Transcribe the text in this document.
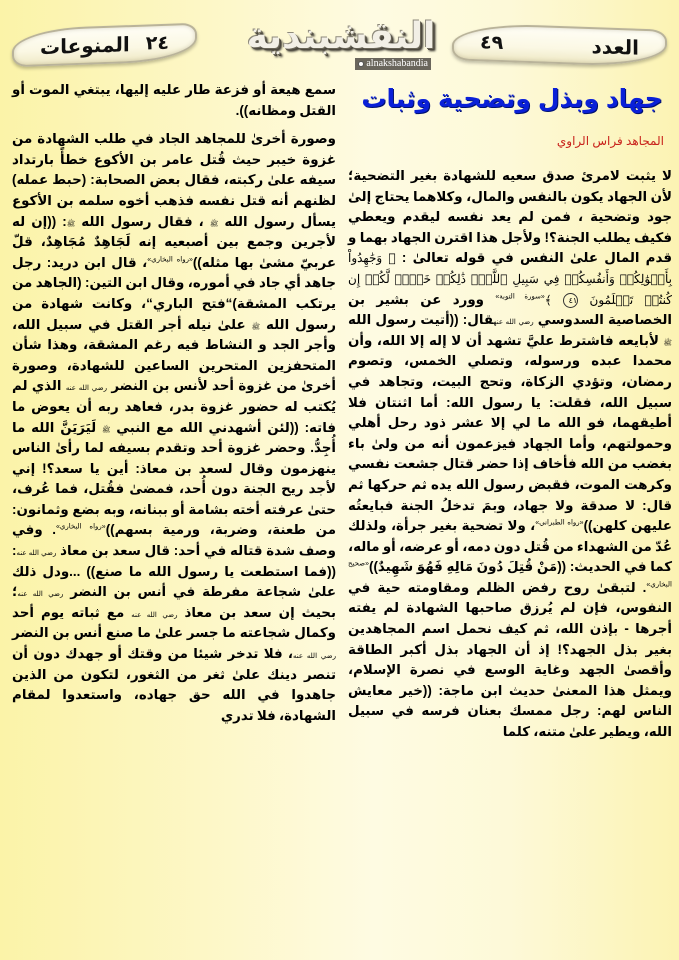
العدد
٤٩
النقشبندية
alnakshabandia
٢٤
المنوعات
جهاد وبذل وتضحية وثبات
المجاهد فراس الراوي

لا يثبت لامرئ صدق سعيه للشهادة بغير التضحية؛ لأن الجهاد يكون بالنفس والمال، وكلاهما يحتاج إلىٰ جود وتضحية ، فمن لم يعد نفسه ليقدم ويعطي فكيف يطلب الجنة؟! ولأجل هذا اقترن الجهاد بهما و قدم المال علىٰ النفس في قوله تعالىٰ : ﴿ وَجَٰهِدُواْ بِأَمۡوَٰلِكُمۡ وَأَنفُسِكُمۡ فِي سَبِيلِ ٱللَّهِۚ ذَٰلِكُمۡ خَيۡرٞ لَّكُمۡ إِن كُنتُمۡ تَعۡلَمُونَ ٤١ ﴾$^{«سورة التوبة»}$ وورد عن بشير بن الخصاصية السدوسي رضي الله عنهقال: ((أتيت رسول الله ﷺ لأبايعه فاشترط عليَّ تشهد أن لا إله إلا الله، وأن محمدا عبده ورسوله، وتصلي الخمس، وتصوم رمضان، وتؤدي الزكاة، وتحج البيت، وتجاهد في سبيل الله، فقلت: يا رسول الله: أما اثنتان فلا أطيقهما، فو الله ما لي إلا عشر ذود رحل أهلي وحمولتهم، وأما الجهاد فيزعمون أنه من ولىٰ باء بغضب من الله فأخاف إذا حضر قتال جشعت نفسي وكرهت الموت، فقبض رسول الله يده ثم حركها ثم قال: لا صدقة ولا جهاد، وبمَ تدخلُ الجنة فبايعتُه عليهن كلهن))$^{«رواه الطبراني»}$، ولا تضحية بغير جرأة، ولذلك عُدّ من الشهداء من قُتل دون دمه، أو عرضه، أو ماله، كما في الحديث: ((مَنْ قُتِلَ دُونَ مَالِهِ فَهُوَ شَهِيدٌ))$^{«صحيح البخاري»}$. لتبقىٰ روح رفض الظلم ومقاومته حية في النفوس، فإن لم يُرزق صاحبها الشهادة لم يفته أجرها - بإذن الله، ثم كيف نحمل اسم المجاهدين بغير بذل الجهد؟! إذ أن الجهاد بذل أكبر الطاقة وأقصىٰ الجهد وغاية الوسع في نصرة الإسلام، ويمثل هذا المعنىٰ حديث ابن ماجة: ((خير معايش الناس لهم: رجل ممسك بعنان فرسه في سبيل الله، ويطير علىٰ متنه، كلما

سمع هيعة أو فزعة طار عليه إليها، يبتغي الموت أو القتل ومظانه)).

وصورة أخرىٰ للمجاهد الجاد في طلب الشهادة من غزوة خيبر حيث قُتل عامر بن الأكوع خطأً بارتداد سيفه علىٰ ركبته، فقال بعض الصحابة: (حبط عمله) لظنهم أنه قتل نفسه فذهب أخوه سلمه بن الأكوع يسأل رسول الله ﷺ ، فقال رسول الله ﷺ: ((إن له لأجرين وجمع بين أصبعيه إنه لَجَاهِدٌ مُجَاهِدٌ، قلّ عربيّ مشىٰ بها مثله))$^{«رواه البخاري»}$، قال ابن دريد: رجل جاهد أي جاد في أموره، وقال ابن التين: (الجاهد من يرتكب المشقة)“فتح الباري“، وكانت شهادة من رسول الله ﷺ علىٰ نيله أجر القتل في سبيل الله، وأجر الجد و النشاط فيه رغم المشقة، وهذا شأن المتحفزين المتحرين الساعين للشهادة، وصورة أخرىٰ من غزوة أحد لأنس بن النضر رضي الله عنه الذي لم يُكتب له حضور غزوة بدر، فعاهد ربه أن يعوض ما فاته: ((لئن أشهدني الله مع النبي ﷺ لَيَرَيَنَّ الله ما أُجِدُّ. وحضر غزوة أحد وتقدم بسيفه لما رأىٰ الناس ينهزمون وقال لسعد بن معاذ: أين يا سعد؟! إني لأجد ريح الجنة دون أُحد، فمضىٰ فقُتل، فما عُرف، حتىٰ عرفته أخته بشامة أو ببنانه، وبه بضع وثمانون: من طعنة، وضربة، ورمية بسهم))$^{«رواه البخاري»}$. وفي وصف شدة قتاله في أحد: قال سعد بن معاذ رضي الله عنه: ((فما استطعت يا رسول الله ما صنع)) ...ودل ذلك علىٰ شجاعة مفرطة في أنس بن النضر رضي الله عنه؛ بحيث إن سعد بن معاذ رضي الله عنه مع ثباته يوم أحد وكمال شجاعته ما جسر علىٰ ما صنع أنس بن النضر رضي الله عنه، فلا تدخر شيئا من وقتك أو جهدك دون أن تنصر دينك علىٰ ثغر من الثغور، لتكون من الذين جاهدوا في الله حق جهاده، واستعدوا لمقام الشهادة، فلا تدري
